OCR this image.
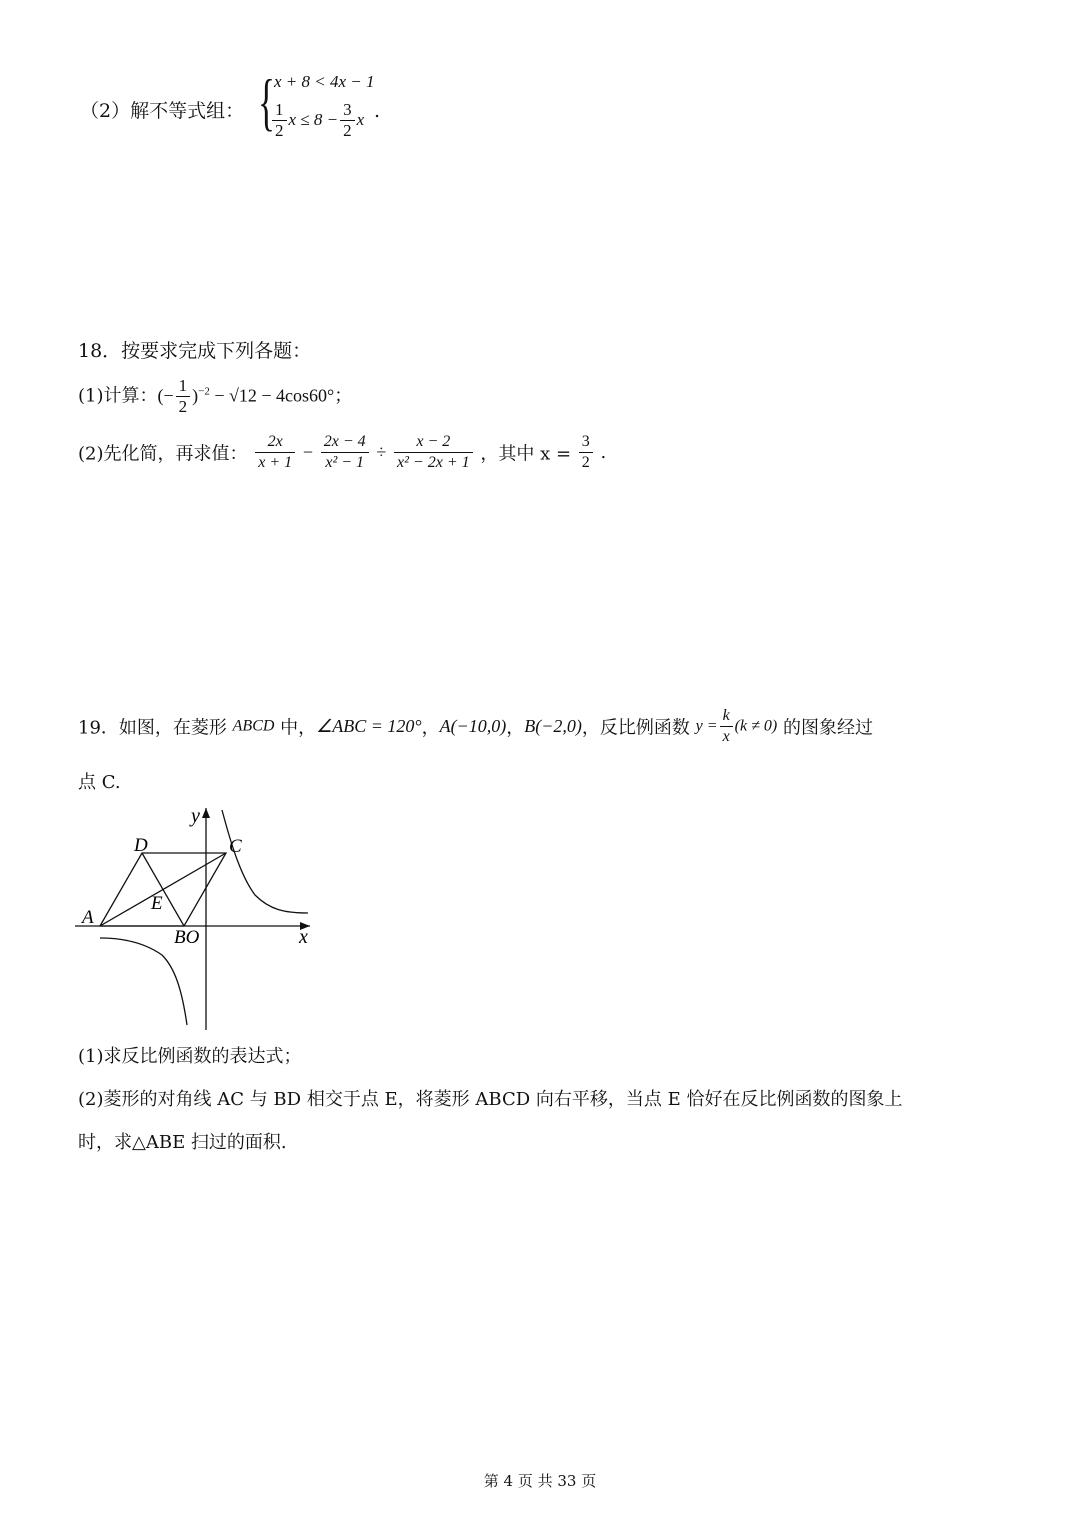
（2）解不等式组： { x + 8 < 4x − 1
$\frac{1}{2}$ $x \le 8 - \frac{3}{2}$ x .
18．按要求完成下列各题：
(1)计算：(− $\frac{1}{2} )^{-2} - √12 - 4\cos 60^\circ$；
(2)先化简，再求值： $\frac{2x}{x + 1} - \frac{2x - 4}{\text{x² − 1}} \div \frac{x - 2}{\text{x² − 2x + 1}}$ ，其中 $x = \frac{3}{2}$ .
19．如图，在菱形 ABCD 中，∠ABC = 120°，A(−10,0)，B(−2,0)，反比例函数 $y = \frac{k}{x} (k \ne 0)$ 的图象经过
点 C.
y
x
A
D	C
E
BO
(1)求反比例函数的表达式；
(2)菱形的对角线 AC 与 BD 相交于点 E，将菱形 ABCD 向右平移，当点 E 恰好在反比例函数的图象上
时，求△ABE 扫过的面积.
第 4 页 共 33 页
